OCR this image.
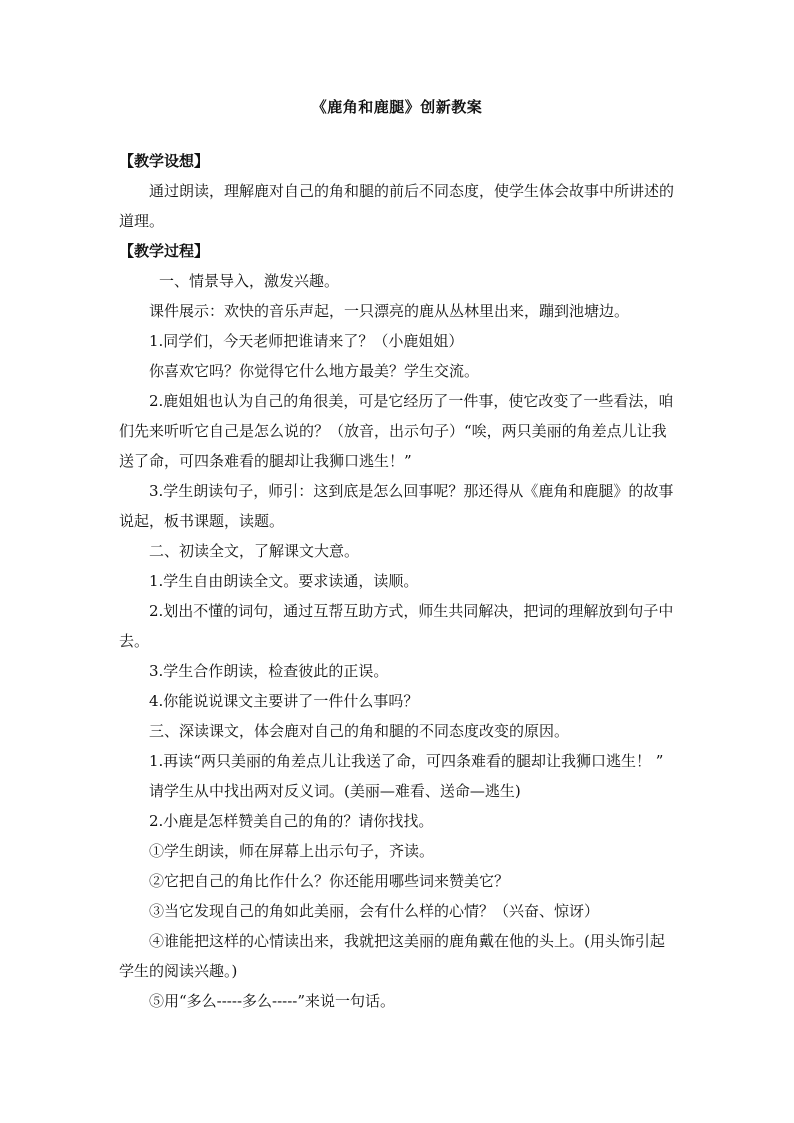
《鹿角和鹿腿》创新教案

【教学设想】

通过朗读，理解鹿对自己的角和腿的前后不同态度，使学生体会故事中所讲述的道理。

【教学过程】

一、情景导入，激发兴趣。

课件展示：欢快的音乐声起，一只漂亮的鹿从丛林里出来，蹦到池塘边。

1.同学们，今天老师把谁请来了？（小鹿姐姐）

你喜欢它吗？你觉得它什么地方最美？学生交流。

2.鹿姐姐也认为自己的角很美，可是它经历了一件事，使它改变了一些看法，咱们先来听听它自己是怎么说的？（放音，出示句子）“唉，两只美丽的角差点儿让我送了命，可四条难看的腿却让我狮口逃生！”

3.学生朗读句子，师引：这到底是怎么回事呢？那还得从《鹿角和鹿腿》的故事说起，板书课题，读题。

二、初读全文，了解课文大意。

1.学生自由朗读全文。要求读通，读顺。

2.划出不懂的词句，通过互帮互助方式，师生共同解决，把词的理解放到句子中去。

3.学生合作朗读，检查彼此的正误。

4.你能说说课文主要讲了一件什么事吗？

三、深读课文，体会鹿对自己的角和腿的不同态度改变的原因。

1.再读“两只美丽的角差点儿让我送了命，可四条难看的腿却让我狮口逃生！ ”

请学生从中找出两对反义词。(美丽—难看、送命—逃生)

2.小鹿是怎样赞美自己的角的？请你找找。

①学生朗读，师在屏幕上出示句子，齐读。

②它把自己的角比作什么？你还能用哪些词来赞美它？

③当它发现自己的角如此美丽，会有什么样的心情？（兴奋、惊讶）

④谁能把这样的心情读出来，我就把这美丽的鹿角戴在他的头上。(用头饰引起学生的阅读兴趣。)

⑤用“多么-----多么-----”来说一句话。
